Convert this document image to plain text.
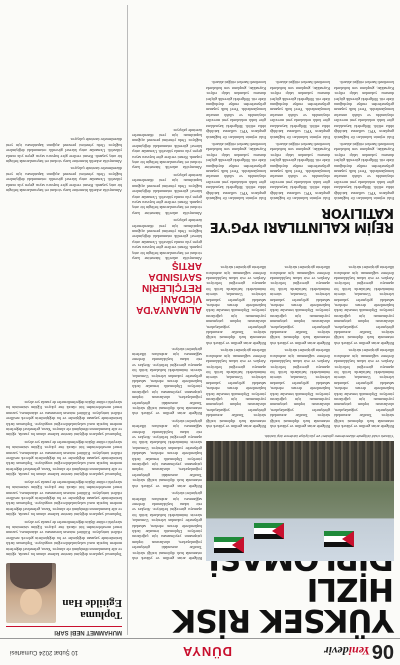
06
Yenidevir
DÜNYA
10 Şubat 2024 Cumartesi
YÜKSEK RİSK
HIZLI
MUHAMMET NEBİ SARI
Topluma Egitilde Han

Toplumsal yapıların değişimi üzerine kaleme alınan bu yazıda, eğitim ve aile kurumlarının dönüşümü ele alınıyor. Yazar, geleneksel değerlerin modern hayatla nasıl uzlaştırılabileceğini sorguluyor. Toplumun farklı kesimlerinde yaşanan değişimler ve bu değişimlerin gelecek nesillere etkileri tartışılıyor. Kültürel mirasın korunması ve aktarılması, yazının temel meselelerinden biri olarak öne çıkıyor. Eğitim sisteminin bu süreçteki rolüne ilişkin değerlendirmeler de yazıda yer alıyor.

Toplumsal yapıların değişimi üzerine kaleme alınan bu yazıda, eğitim ve aile kurumlarının dönüşümü ele alınıyor. Yazar, geleneksel değerlerin modern hayatla nasıl uzlaştırılabileceğini sorguluyor. Toplumun farklı kesimlerinde yaşanan değişimler ve bu değişimlerin gelecek nesillere etkileri tartışılıyor. Kültürel mirasın korunması ve aktarılması, yazının temel meselelerinden biri olarak öne çıkıyor. Eğitim sisteminin bu süreçteki rolüne ilişkin değerlendirmeler de yazıda yer alıyor.

Toplumsal yapıların değişimi üzerine kaleme alınan bu yazıda, eğitim ve aile kurumlarının dönüşümü ele alınıyor. Yazar, geleneksel değerlerin modern hayatla nasıl uzlaştırılabileceğini sorguluyor. Toplumun farklı kesimlerinde yaşanan değişimler ve bu değişimlerin gelecek nesillere etkileri tartışılıyor. Kültürel mirasın korunması ve aktarılması, yazının temel meselelerinden biri olarak öne çıkıyor. Eğitim sisteminin bu süreçteki rolüne ilişkin değerlendirmeler de yazıda yer alıyor.

Toplumsal yapıların değişimi üzerine kaleme alınan bu yazıda, eğitim ve aile kurumlarının dönüşümü ele alınıyor. Yazar, geleneksel değerlerin modern hayatla nasıl uzlaştırılabileceğini sorguluyor. Toplumun farklı kesimlerinde yaşanan değişimler ve bu değişimlerin gelecek nesillere etkileri tartışılıyor. Kültürel mirasın korunması ve aktarılması, yazının temel meselelerinden biri olarak öne çıkıyor. Eğitim sisteminin bu süreçteki rolüne ilişkin değerlendirmeler de yazıda yer alıyor.

Yüksek riskli bölgede düzenlenen gösteri ve yürüyüşe binlerce kişi katıldı.

Bölgede artan gerilim ve yüksek risk ortamında hızlı diplomasi trafiği sürüyor. Taraflar arasındaki görüşmeler yoğunlaşırken, uluslararası toplum çatışmanın yayılmaması için çağrılarını yineliyor. Diplomatik temaslar farklı başkentlerde devam ederken, sahadaki gelişmeler yakından izleniyor. Uzmanlar, sürecin önümüzdeki haftalarda kritik bir aşamaya gireceğini belirtiyor. Ateşkes ve esir takası başlıklarında ilerleme sağlanması için arabulucu ülkelerin girişimleri sürüyor.

Bölgede artan gerilim ve yüksek risk ortamında hızlı diplomasi trafiği sürüyor. Taraflar arasındaki görüşmeler yoğunlaşırken, uluslararası toplum çatışmanın yayılmaması için çağrılarını yineliyor. Diplomatik temaslar farklı başkentlerde devam ederken, sahadaki gelişmeler yakından izleniyor. Uzmanlar, sürecin önümüzdeki haftalarda kritik bir aşamaya gireceğini belirtiyor. Ateşkes ve esir takası başlıklarında ilerleme sağlanması için arabulucu ülkelerin girişimleri sürüyor.

Bölgede artan gerilim ve yüksek risk ortamında hızlı diplomasi trafiği sürüyor. Taraflar arasındaki görüşmeler yoğunlaşırken, uluslararası toplum çatışmanın yayılmaması için çağrılarını yineliyor. Diplomatik temaslar farklı başkentlerde devam ederken, sahadaki gelişmeler yakından izleniyor. Uzmanlar, sürecin önümüzdeki haftalarda kritik bir aşamaya gireceğini belirtiyor. Ateşkes ve esir takası başlıklarında ilerleme sağlanması için arabulucu ülkelerin girişimleri sürüyor.

Bölgede artan gerilim ve yüksek risk ortamında hızlı diplomasi trafiği sürüyor. Taraflar arasındaki görüşmeler yoğunlaşırken, uluslararası toplum çatışmanın yayılmaması için çağrılarını yineliyor. Diplomatik temaslar farklı başkentlerde devam ederken, sahadaki gelişmeler yakından izleniyor. Uzmanlar, sürecin önümüzdeki haftalarda kritik bir aşamaya gireceğini belirtiyor. Ateşkes ve esir takası başlıklarında ilerleme sağlanması için arabulucu ülkelerin girişimleri sürüyor.

Bölgede artan gerilim ve yüksek risk ortamında hızlı diplomasi trafiği sürüyor. Taraflar arasındaki görüşmeler yoğunlaşırken, uluslararası toplum çatışmanın yayılmaması için çağrılarını yineliyor. Diplomatik temaslar farklı başkentlerde devam ederken, sahadaki gelişmeler yakından izleniyor. Uzmanlar, sürecin önümüzdeki haftalarda kritik bir aşamaya gireceğini belirtiyor. Ateşkes ve esir takası başlıklarında ilerleme sağlanması için arabulucu ülkelerin girişimleri sürüyor.

Bölgede artan gerilim ve yüksek risk ortamında hızlı diplomasi trafiği sürüyor. Taraflar arasındaki görüşmeler yoğunlaşırken, uluslararası toplum çatışmanın yayılmaması için çağrılarını yineliyor. Diplomatik temaslar farklı başkentlerde devam ederken, sahadaki gelişmeler yakından izleniyor. Uzmanlar, sürecin önümüzdeki haftalarda kritik bir aşamaya gireceğini belirtiyor. Ateşkes ve esir takası başlıklarında ilerleme sağlanması için arabulucu ülkelerin girişimleri sürüyor.

Bölgede artan gerilim ve yüksek risk ortamında hızlı diplomasi trafiği sürüyor. Taraflar arasındaki görüşmeler yoğunlaşırken, uluslararası toplum çatışmanın yayılmaması için çağrılarını yineliyor. Diplomatik temaslar farklı başkentlerde devam ederken, sahadaki gelişmeler yakından izleniyor. Uzmanlar, sürecin önümüzdeki haftalarda kritik bir aşamaya gireceğini belirtiyor. Ateşkes ve esir takası başlıklarında ilerleme sağlanması için arabulucu ülkelerin girişimleri sürüyor.

Bölgede artan gerilim ve yüksek risk ortamında hızlı diplomasi trafiği sürüyor. Taraflar arasındaki görüşmeler yoğunlaşırken, uluslararası toplum çatışmanın yayılmaması için çağrılarını yineliyor. Diplomatik temaslar farklı başkentlerde devam ederken, sahadaki gelişmeler yakından izleniyor. Uzmanlar, sürecin önümüzdeki haftalarda kritik bir aşamaya gireceğini belirtiyor. Ateşkes ve esir takası başlıklarında ilerleme sağlanması için arabulucu ülkelerin girişimleri sürüyor.

Bölgede artan gerilim ve yüksek risk ortamında hızlı diplomasi trafiği sürüyor. Taraflar arasındaki görüşmeler yoğunlaşırken, uluslararası toplum çatışmanın yayılmaması için çağrılarını yineliyor. Diplomatik temaslar farklı başkentlerde devam ederken, sahadaki gelişmeler yakından izleniyor. Uzmanlar, sürecin önümüzdeki haftalarda kritik bir aşamaya gireceğini belirtiyor. Ateşkes ve esir takası başlıklarında ilerleme sağlanması için arabulucu ülkelerin girişimleri sürüyor.

REJİM KALINTILARI YPG'YE KATILIYOR

Eski rejimin kalıntıları ile bağlantılı grupların YPG saflarına katıldığı iddia edildi. Bölgedeki kaynaklara göre farklı noktalarda yeni mevziler oluşturuldu ve silahlı unsurlar konuşlandırıldı. Yerel halk yaşanan gelişmelerden endişe duyduğunu ifade etti. Bölgedeki güvenlik güçleri durumu yakından takip ediyor. Kaynaklar, grupların son haftalarda koordineli hareket ettiğini aktardı.

Eski rejimin kalıntıları ile bağlantılı grupların YPG saflarına katıldığı iddia edildi. Bölgedeki kaynaklara göre farklı noktalarda yeni mevziler oluşturuldu ve silahlı unsurlar konuşlandırıldı. Yerel halk yaşanan gelişmelerden endişe duyduğunu ifade etti. Bölgedeki güvenlik güçleri durumu yakından takip ediyor. Kaynaklar, grupların son haftalarda koordineli hareket ettiğini aktardı.

Eski rejimin kalıntıları ile bağlantılı grupların YPG saflarına katıldığı iddia edildi. Bölgedeki kaynaklara göre farklı noktalarda yeni mevziler oluşturuldu ve silahlı unsurlar konuşlandırıldı. Yerel halk yaşanan gelişmelerden endişe duyduğunu ifade etti. Bölgedeki güvenlik güçleri durumu yakından takip ediyor. Kaynaklar, grupların son haftalarda koordineli hareket ettiğini aktardı.

Eski rejimin kalıntıları ile bağlantılı grupların YPG saflarına katıldığı iddia edildi. Bölgedeki kaynaklara göre farklı noktalarda yeni mevziler oluşturuldu ve silahlı unsurlar konuşlandırıldı. Yerel halk yaşanan gelişmelerden endişe duyduğunu ifade etti. Bölgedeki güvenlik güçleri durumu yakından takip ediyor. Kaynaklar, grupların son haftalarda koordineli hareket ettiğini aktardı.

Eski rejimin kalıntıları ile bağlantılı grupların YPG saflarına katıldığı iddia edildi. Bölgedeki kaynaklara göre farklı noktalarda yeni mevziler oluşturuldu ve silahlı unsurlar konuşlandırıldı. Yerel halk yaşanan gelişmelerden endişe duyduğunu ifade etti. Bölgedeki güvenlik güçleri durumu yakından takip ediyor. Kaynaklar, grupların son haftalarda koordineli hareket ettiğini aktardı.

Eski rejimin kalıntıları ile bağlantılı grupların YPG saflarına katıldığı iddia edildi. Bölgedeki kaynaklara göre farklı noktalarda yeni mevziler oluşturuldu ve silahlı unsurlar konuşlandırıldı. Yerel halk yaşanan gelişmelerden endişe duyduğunu ifade etti. Bölgedeki güvenlik güçleri durumu yakından takip ediyor. Kaynaklar, grupların son haftalarda koordineli hareket ettiğini aktardı.

ALMANYA'DA VİCDANİ RETÇİLERİN SAYISINDA ARTIŞ

Almanya'da askerlik hizmetine karşı vicdani ret başvurularında belirgin bir artış yaşandı. Resmi verilere göre başvuru sayısı geçen yıla oranla yükseldi. Uzmanlar artışı küresel güvenlik ortamındaki değişimlere bağlıyor. Ordu yönetimi personel açığının kapatılması için yeni düzenlemeler üzerinde çalışıyor.

Almanya'da askerlik hizmetine karşı vicdani ret başvurularında belirgin bir artış yaşandı. Resmi verilere göre başvuru sayısı geçen yıla oranla yükseldi. Uzmanlar artışı küresel güvenlik ortamındaki değişimlere bağlıyor. Ordu yönetimi personel açığının kapatılması için yeni düzenlemeler üzerinde çalışıyor.

Almanya'da askerlik hizmetine karşı vicdani ret başvurularında belirgin bir artış yaşandı. Resmi verilere göre başvuru sayısı geçen yıla oranla yükseldi. Uzmanlar artışı küresel güvenlik ortamındaki değişimlere bağlıyor. Ordu yönetimi personel açığının kapatılması için yeni düzenlemeler üzerinde çalışıyor.

Almanya'da askerlik hizmetine karşı vicdani ret başvurularında belirgin bir artış yaşandı. Resmi verilere göre başvuru sayısı geçen yıla oranla yükseldi. Uzmanlar artışı küresel güvenlik ortamındaki değişimlere bağlıyor. Ordu yönetimi personel açığının kapatılması için yeni düzenlemeler üzerinde çalışıyor.

Almanya'da askerlik hizmetine karşı vicdani ret başvurularında belirgin bir artış yaşandı. Resmi verilere göre başvuru sayısı geçen yıla oranla yükseldi. Uzmanlar artışı küresel güvenlik ortamındaki değişimlere bağlıyor. Ordu yönetimi personel açığının kapatılması için yeni düzenlemeler üzerinde çalışıyor.
